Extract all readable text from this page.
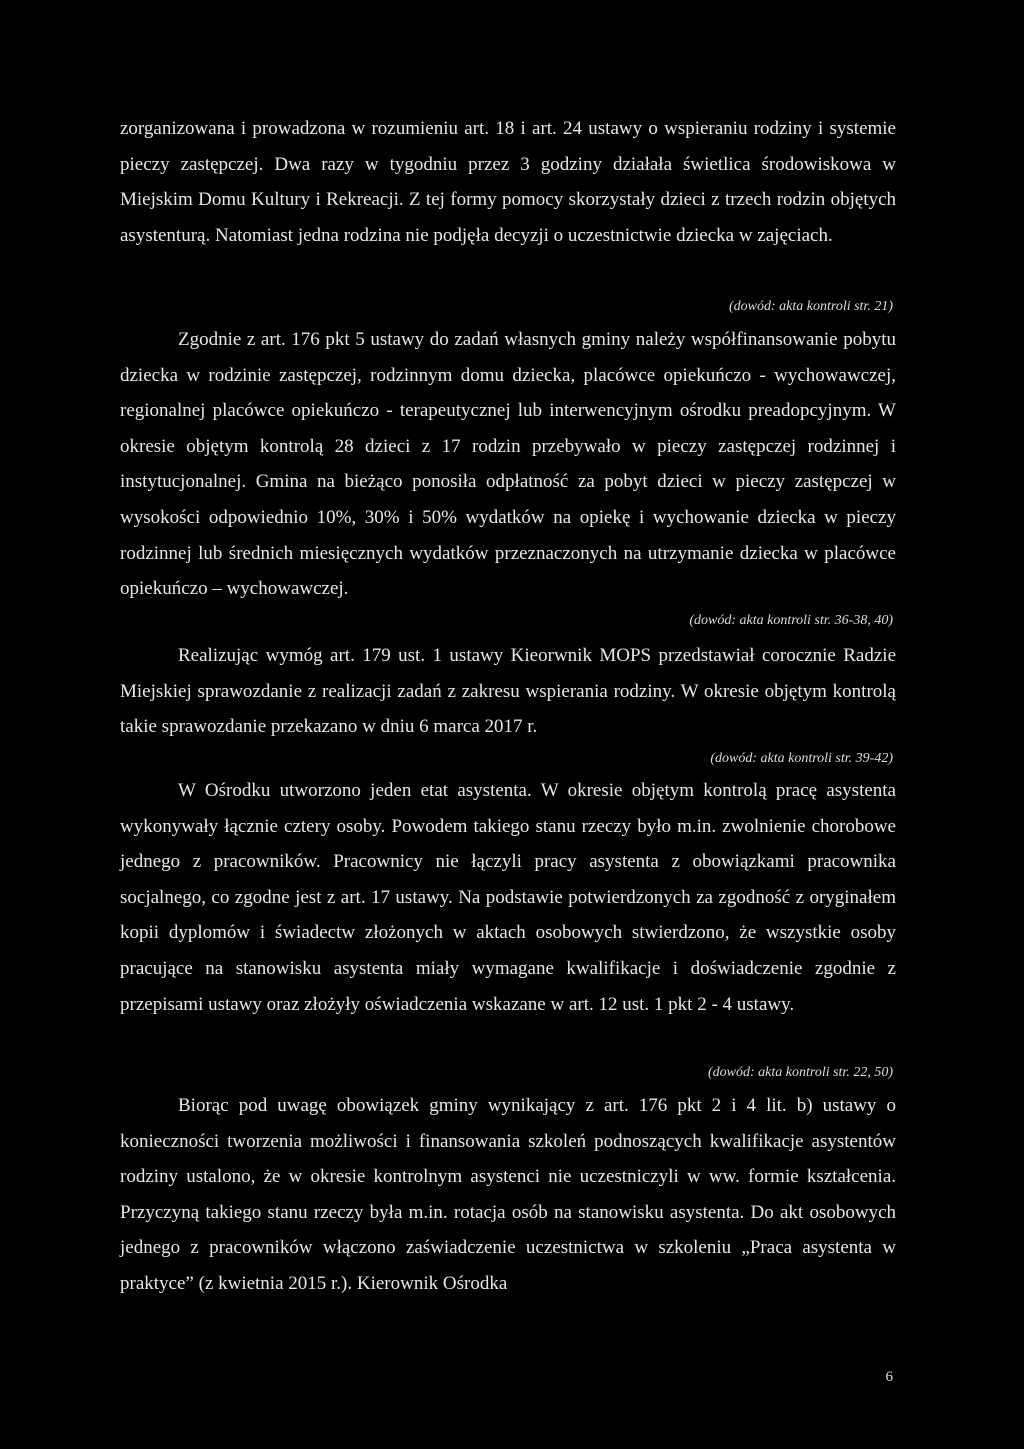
zorganizowana i prowadzona w rozumieniu art. 18 i art. 24 ustawy o wspieraniu rodziny i systemie pieczy zastępczej. Dwa razy w tygodniu przez 3 godziny działała świetlica środowiskowa w Miejskim Domu Kultury i Rekreacji. Z tej formy pomocy skorzystały dzieci z trzech rodzin objętych asystenturą. Natomiast jedna rodzina nie podjęła decyzji o uczestnictwie dziecka w zajęciach.

(dowód: akta kontroli str. 21)

Zgodnie z art. 176 pkt 5 ustawy do zadań własnych gminy należy współfinansowanie pobytu dziecka w rodzinie zastępczej, rodzinnym domu dziecka, placówce opiekuńczo - wychowawczej, regionalnej placówce opiekuńczo - terapeutycznej lub interwencyjnym ośrodku preadopcyjnym. W okresie objętym kontrolą 28 dzieci z 17 rodzin przebywało w pieczy zastępczej rodzinnej i instytucjonalnej. Gmina na bieżąco ponosiła odpłatność za pobyt dzieci w pieczy zastępczej w wysokości odpowiednio 10%, 30% i 50% wydatków na opiekę i wychowanie dziecka w pieczy rodzinnej lub średnich miesięcznych wydatków przeznaczonych na utrzymanie dziecka w placówce opiekuńczo – wychowawczej.

(dowód: akta kontroli str. 36-38, 40)

Realizując wymóg art. 179 ust. 1 ustawy Kieorwnik MOPS przedstawiał corocznie Radzie Miejskiej sprawozdanie z realizacji zadań z zakresu wspierania rodziny. W okresie objętym kontrolą takie sprawozdanie przekazano w dniu 6 marca 2017 r.

(dowód: akta kontroli str. 39-42)

W Ośrodku utworzono jeden etat asystenta. W okresie objętym kontrolą pracę asystenta wykonywały łącznie cztery osoby. Powodem takiego stanu rzeczy było m.in. zwolnienie chorobowe jednego z pracowników. Pracownicy nie łączyli pracy asystenta z obowiązkami pracownika socjalnego, co zgodne jest z art. 17 ustawy. Na podstawie potwierdzonych za zgodność z oryginałem kopii dyplomów i świadectw złożonych w aktach osobowych stwierdzono, że wszystkie osoby pracujące na stanowisku asystenta miały wymagane kwalifikacje i doświadczenie zgodnie z przepisami ustawy oraz złożyły oświadczenia wskazane w art. 12 ust. 1 pkt 2 - 4 ustawy.

(dowód: akta kontroli str. 22, 50)

Biorąc pod uwagę obowiązek gminy wynikający z art. 176 pkt 2 i 4 lit. b) ustawy o konieczności tworzenia możliwości i finansowania szkoleń podnoszących kwalifikacje asystentów rodziny ustalono, że w okresie kontrolnym asystenci nie uczestniczyli w ww. formie kształcenia. Przyczyną takiego stanu rzeczy była m.in. rotacja osób na stanowisku asystenta. Do akt osobowych jednego z pracowników włączono zaświadczenie uczestnictwa w szkoleniu „Praca asystenta w praktyce” (z kwietnia 2015 r.). Kierownik Ośrodka

6
